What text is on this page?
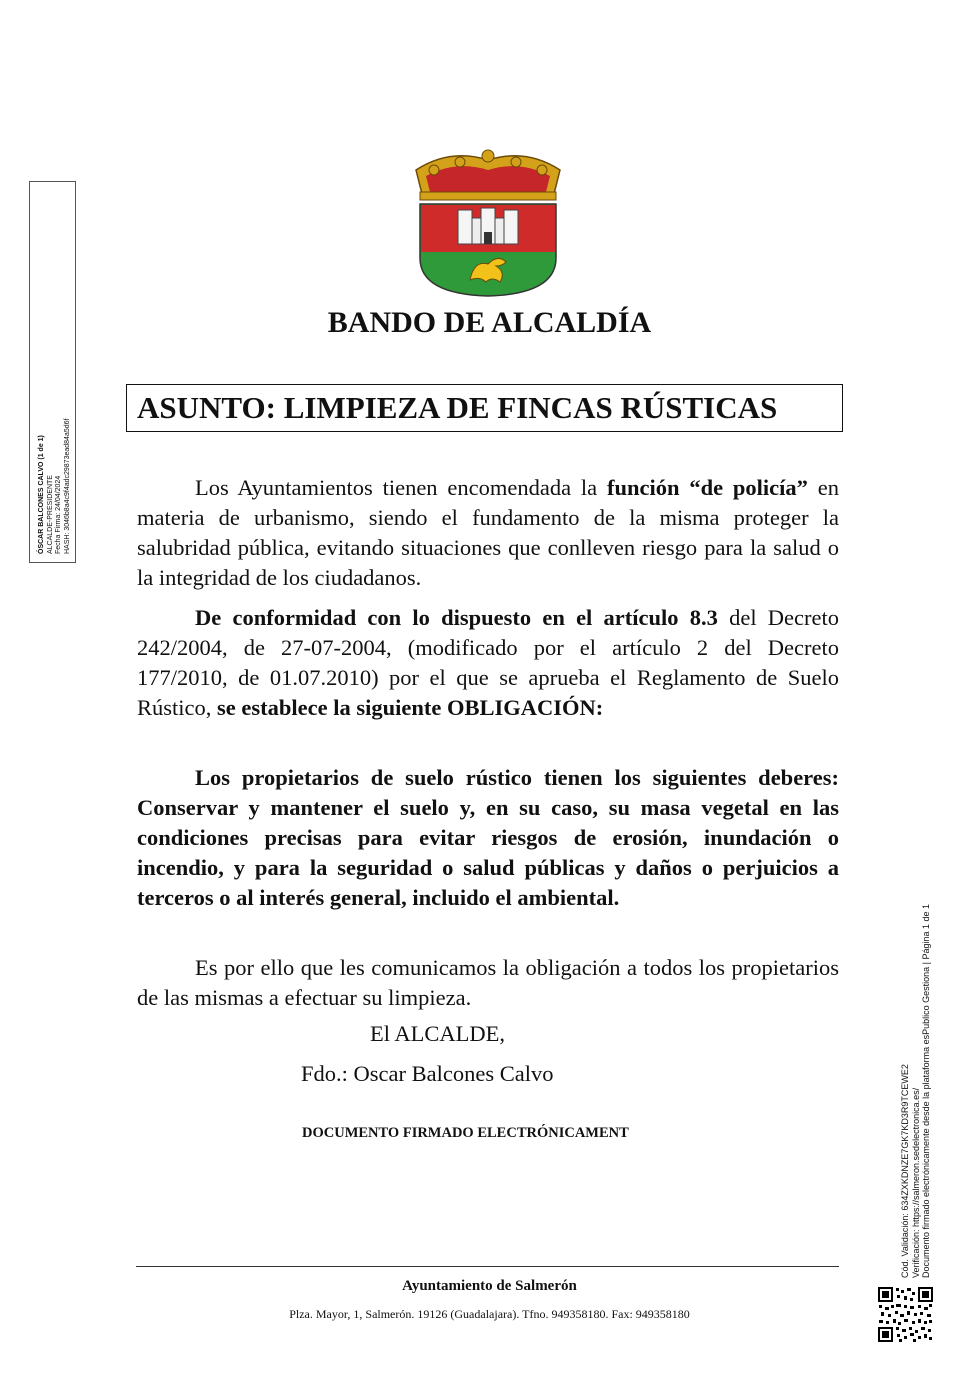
ÓSCAR BALCONES CALVO (1 de 1) ALCALDE-PRESIDENTE Fecha Firma: 24/04/2024 HASH: 3046b8a4c9f4adc29873ead84a5d6f
BANDO DE ALCALDÍA
ASUNTO: LIMPIEZA DE FINCAS RÚSTICAS
Los Ayuntamientos tienen encomendada la función “de policía” en materia de urbanismo, siendo el fundamento de la misma proteger la salubridad pública, evitando situaciones que conlleven riesgo para la salud o la integridad de los ciudadanos.
De conformidad con lo dispuesto en el artículo 8.3 del Decreto 242/2004, de 27-07-2004, (modificado por el artículo 2 del Decreto 177/2010, de 01.07.2010) por el que se aprueba el Reglamento de Suelo Rústico, se establece la siguiente OBLIGACIÓN:
Los propietarios de suelo rústico tienen los siguientes deberes: Conservar y mantener el suelo y, en su caso, su masa vegetal en las condiciones precisas para evitar riesgos de erosión, inundación o incendio, y para la seguridad o salud públicas y daños o perjuicios a terceros o al interés general, incluido el ambiental.
Es por ello que les comunicamos la obligación a todos los propietarios de las mismas a efectuar su limpieza.
El ALCALDE,
Fdo.: Oscar Balcones Calvo
DOCUMENTO FIRMADO ELECTRÓNICAMENT
Ayuntamiento de Salmerón
Plza. Mayor, 1, Salmerón. 19126 (Guadalajara). Tfno. 949358180. Fax: 949358180
Cód. Validación: 634ZXKDNZE7GK7KD3R9TCEWE2 Verificación: https://salmeron.sedelectronica.es/ Documento firmado electrónicamente desde la plataforma esPublico Gestiona | Página 1 de 1
